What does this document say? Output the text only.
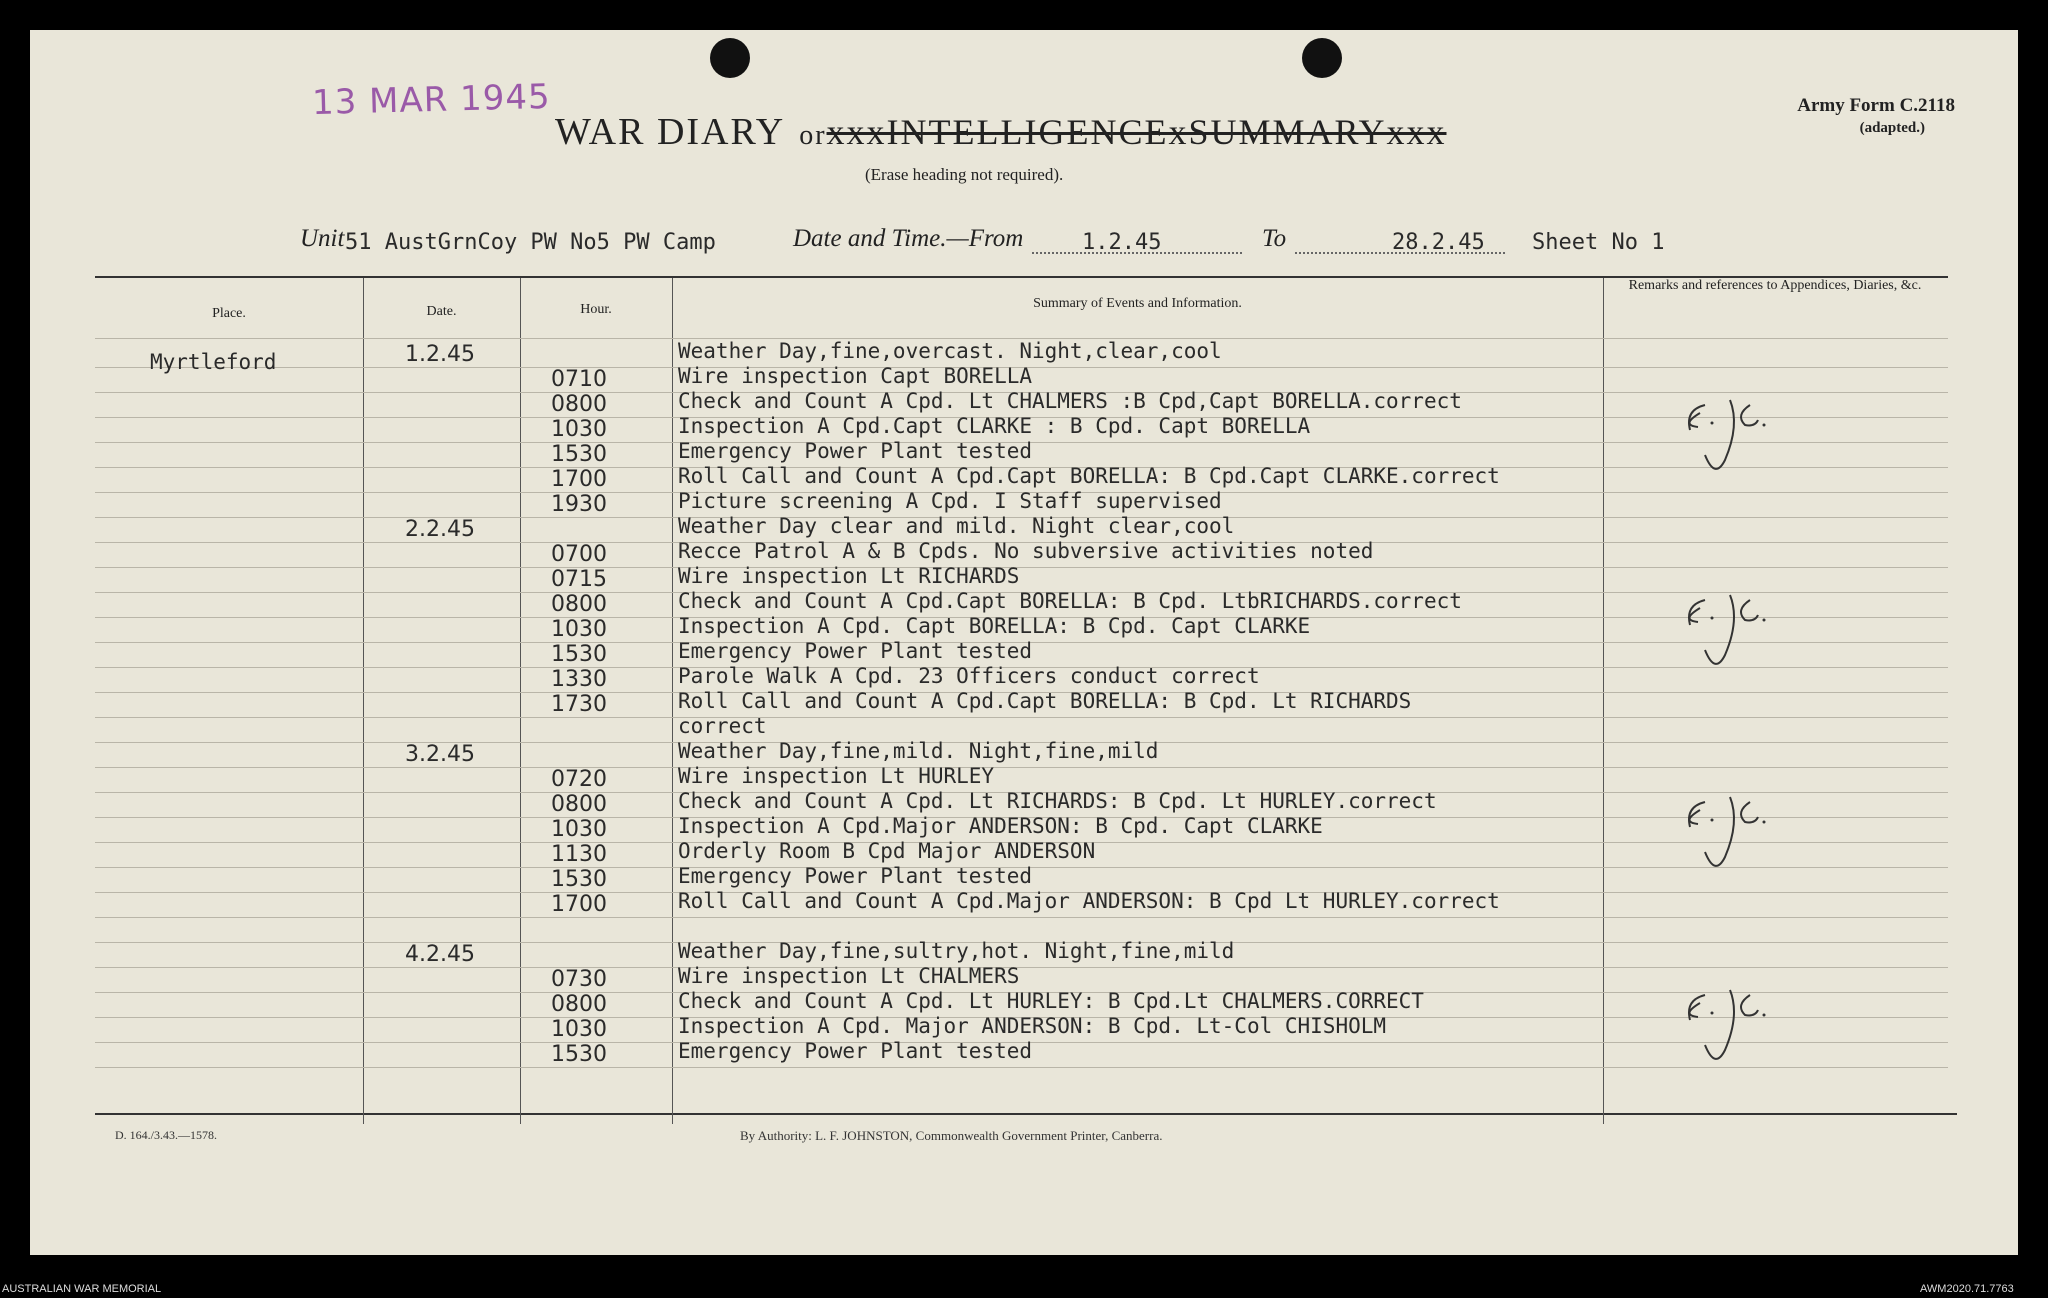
13 MAR 1945
WAR DIARY orxxxINTELLIGENCExSUMMARYxxx
(Erase heading not required).
Army Form C.2118
(adapted.)
Unit 51 AustGrnCoy PW No5 PW Camp	Date and Time.—From	1.2.45	To	28.2.45 Sheet No 1
Place.	Date.	Hour.	Summary of Events and Information.
Remarks and references to Appendices, Diaries, &c.
Myrtleford	1.2.45	Weather Day,fine,overcast. Night,clear,cool
0710	Wire inspection Capt BORELLA
0800	Check and Count A Cpd. Lt CHALMERS :B Cpd,Capt BORELLA.correct
1030	Inspection A Cpd.Capt CLARKE : B Cpd. Capt BORELLA
1530	Emergency Power Plant tested
1700	Roll Call and Count A Cpd.Capt BORELLA: B Cpd.Capt CLARKE.correct
1930	Picture screening A Cpd. I Staff supervised
2.2.45	Weather Day clear and mild. Night clear,cool
0700	Recce Patrol A & B Cpds. No subversive activities noted
0715	Wire inspection Lt RICHARDS
0800	Check and Count A Cpd.Capt BORELLA: B Cpd. LtbRICHARDS.correct
1030	Inspection A Cpd. Capt BORELLA: B Cpd. Capt CLARKE
1530	Emergency Power Plant tested
1330	Parole Walk A Cpd. 23 Officers conduct correct
1730	Roll Call and Count A Cpd.Capt BORELLA: B Cpd. Lt RICHARDS
correct
3.2.45	Weather Day,fine,mild. Night,fine,mild
0720	Wire inspection Lt HURLEY
0800	Check and Count A Cpd. Lt RICHARDS: B Cpd. Lt HURLEY.correct
1030	Inspection A Cpd.Major ANDERSON: B Cpd. Capt CLARKE
1130	Orderly Room B Cpd Major ANDERSON
1530	Emergency Power Plant tested
1700	Roll Call and Count A Cpd.Major ANDERSON: B Cpd Lt HURLEY.correct
4.2.45	Weather Day,fine,sultry,hot. Night,fine,mild
0730	Wire inspection Lt CHALMERS
0800	Check and Count A Cpd. Lt HURLEY: B Cpd.Lt CHALMERS.CORRECT
1030	Inspection A Cpd. Major ANDERSON: B Cpd. Lt-Col CHISHOLM
1530	Emergency Power Plant tested
D. 164./3.43.—1578.	By Authority: L. F. JOHNSTON, Commonwealth Government Printer, Canberra.
AUSTRALIAN WAR MEMORIAL	AWM2020.71.7763
